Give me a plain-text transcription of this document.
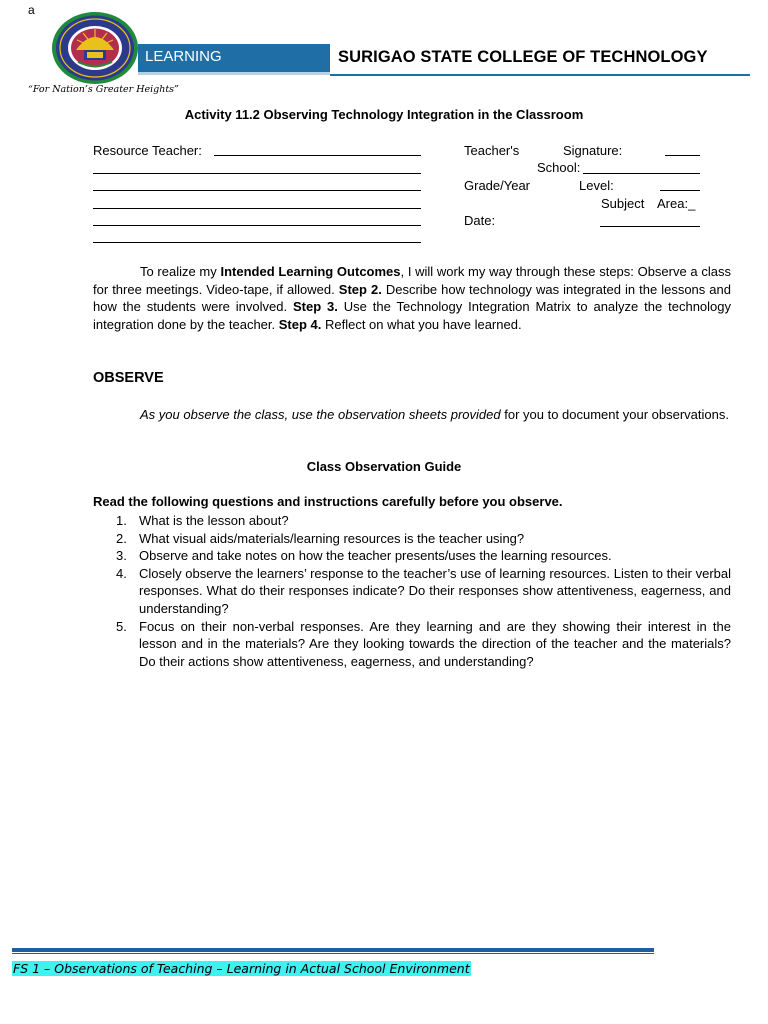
a
“For Nation’s Greater Heights”
LEARNING	SURIGAO STATE COLLEGE OF TECHNOLOGY
Activity 11.2 Observing Technology Integration in the Classroom
Resource Teacher:	Teacher's	Signature:
School:
Grade/Year	Level:
Subject Area:_
Date:

To realize my Intended Learning Outcomes, I will work my way through these steps: Observe a class for three meetings. Video-tape, if allowed. Step 2. Describe how technology was integrated in the lessons and how the students were involved. Step 3. Use the Technology Integration Matrix to analyze the technology integration done by the teacher. Step 4. Reflect on what you have learned.

OBSERVE

As you observe the class, use the observation sheets provided for you to document your observations.

Class Observation Guide
Read the following questions and instructions carefully before you observe.
1. What is the lesson about?
2. What visual aids/materials/learning resources is the teacher using?
3. Observe and take notes on how the teacher presents/uses the learning resources.
4. Closely observe the learners’ response to the teacher’s use of learning resources. Listen to their verbal responses. What do their responses indicate? Do their responses show attentiveness, eagerness, and understanding?
5. Focus on their non-verbal responses. Are they learning and are they showing their interest in the lesson and in the materials? Are they looking towards the direction of the teacher and the materials? Do their actions show attentiveness, eagerness, and understanding?
FS 1 – Observations of Teaching – Learning in Actual School Environment
